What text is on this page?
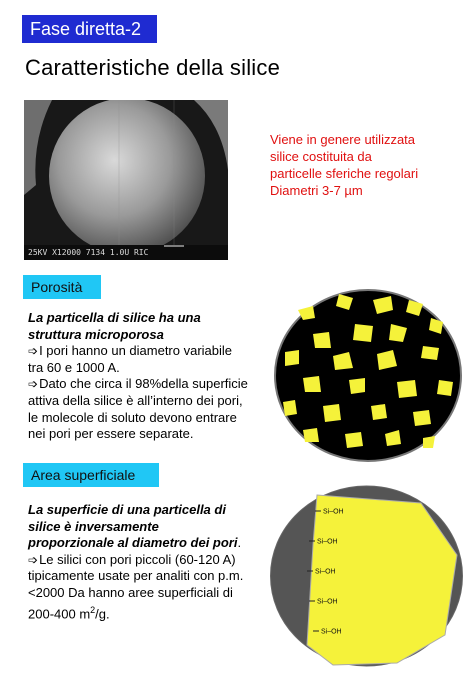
Fase diretta-2
Caratteristiche della silice
25KV X12000 7134 1.0U RIC
Viene in genere utilizzata
silice costituita da
particelle sferiche regolari
Diametri 3-7 µm
Porosità
La particella di silice ha una
struttura microporosa
➩I pori hanno un diametro variabile
tra 60 e 1000 A.
➩Dato che circa il 98%della superficie
attiva della silice è all’interno dei pori,
le molecole di soluto devono entrare
nei pori per essere separate.
Area superficiale
La superficie di una particella di
silice è inversamente
proporzionale al diametro dei pori.
➩Le silici con pori piccoli (60-120 A)
tipicamente usate per analiti con p.m.
<2000 Da hanno aree superficiali di
200-400 $m^2/g$.
Si–OH
Si–OH
Si–OH
Si–OH
Si–OH
